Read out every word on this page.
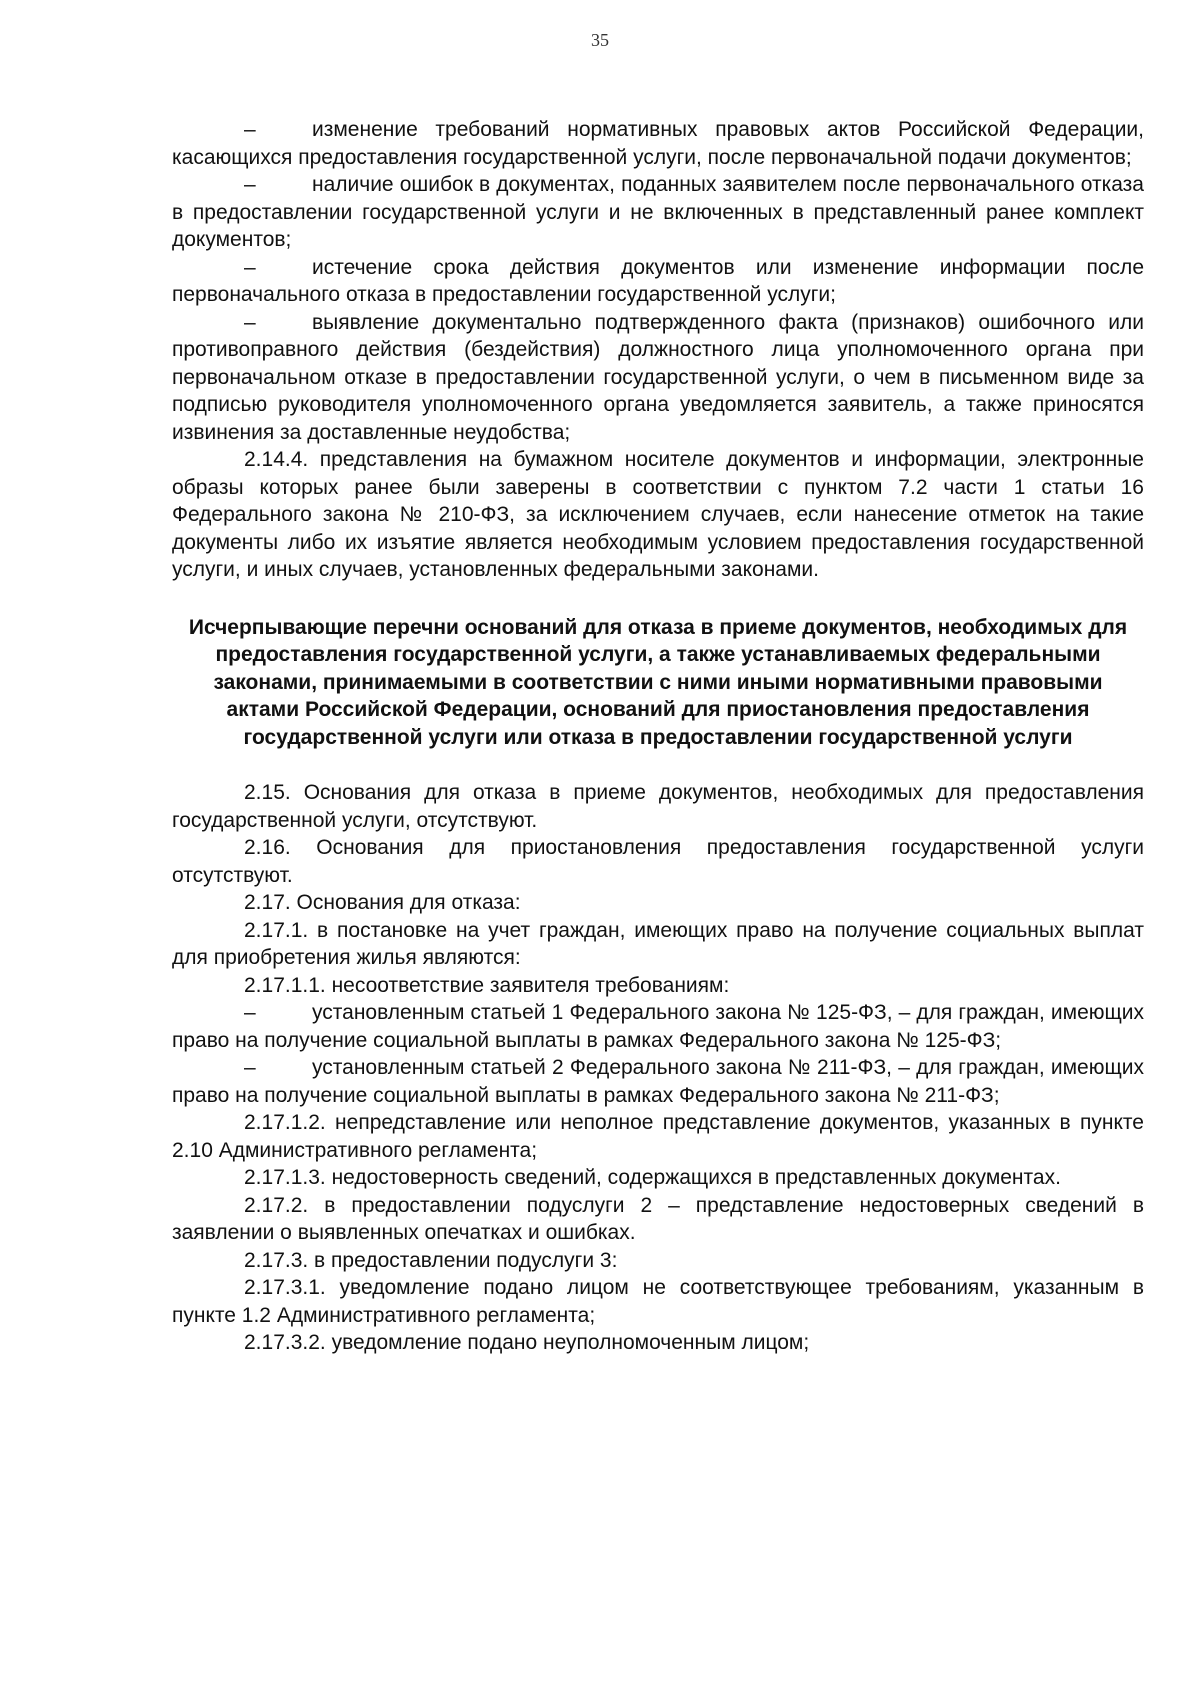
35

–	изменение требований нормативных правовых актов Российской Федерации, касающихся предоставления государственной услуги, после первоначальной подачи документов;

–	наличие ошибок в документах, поданных заявителем после первоначального отказа в предоставлении государственной услуги и не включенных в представленный ранее комплект документов;

–	истечение срока действия документов или изменение информации после первоначального отказа в предоставлении государственной услуги;

–	выявление документально подтвержденного факта (признаков) ошибочного или противоправного действия (бездействия) должностного лица уполномоченного органа при первоначальном отказе в предоставлении государственной услуги, о чем в письменном виде за подписью руководителя уполномоченного органа уведомляется заявитель, а также приносятся извинения за доставленные неудобства;

2.14.4. представления на бумажном носителе документов и информации, электронные образы которых ранее были заверены в соответствии с пунктом 7.2 части 1 статьи 16 Федерального закона № 210-ФЗ, за исключением случаев, если нанесение отметок на такие документы либо их изъятие является необходимым условием предоставления государственной услуги, и иных случаев, установленных федеральными законами.

Исчерпывающие перечни оснований для отказа в приеме документов, необходимых для предоставления государственной услуги, а также устанавливаемых федеральными законами, принимаемыми в соответствии с ними иными нормативными правовыми актами Российской Федерации, оснований для приостановления предоставления государственной услуги или отказа в предоставлении государственной услуги

2.15. Основания для отказа в приеме документов, необходимых для предоставления государственной услуги, отсутствуют.

2.16. Основания для приостановления предоставления государственной услуги отсутствуют.

2.17. Основания для отказа:

2.17.1. в постановке на учет граждан, имеющих право на получение социальных выплат для приобретения жилья являются:

2.17.1.1. несоответствие заявителя требованиям:

–	установленным статьей 1 Федерального закона № 125-ФЗ, – для граждан, имеющих право на получение социальной выплаты в рамках Федерального закона № 125-ФЗ;

–	установленным статьей 2 Федерального закона № 211-ФЗ, – для граждан, имеющих право на получение социальной выплаты в рамках Федерального закона № 211-ФЗ;

2.17.1.2. непредставление или неполное представление документов, указанных в пункте 2.10 Административного регламента;

2.17.1.3. недостоверность сведений, содержащихся в представленных документах.

2.17.2. в предоставлении подуслуги 2 – представление недостоверных сведений в заявлении о выявленных опечатках и ошибках.

2.17.3. в предоставлении подуслуги 3:

2.17.3.1. уведомление подано лицом не соответствующее требованиям, указанным в пункте 1.2 Административного регламента;

2.17.3.2. уведомление подано неуполномоченным лицом;
